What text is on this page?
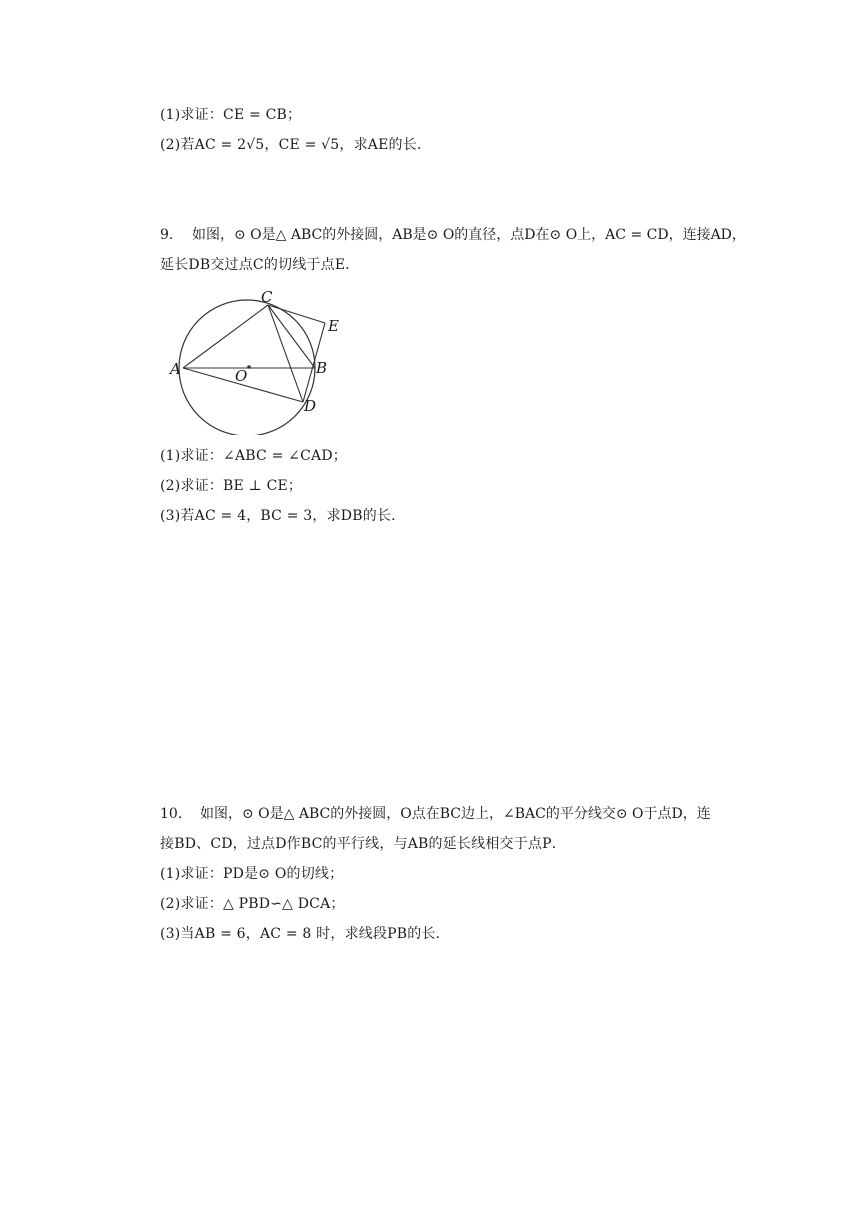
(1)求证：CE = CB；
(2)若AC = 2√5，CE = √5，求AE的长．
9. 如图，⊙ O是△ ABC的外接圆，AB是⊙ O的直径，点D在⊙ O上，AC = CD，连接AD，
延长DB交过点C的切线于点E．
A	B
C
D
E
O
(1)求证：∠ABC = ∠CAD；
(2)求证：BE ⊥ CE；
(3)若AC = 4，BC = 3，求DB的长．
10. 如图，⊙ O是△ ABC的外接圆，O点在BC边上，∠BAC的平分线交⊙ O于点D，连
接BD、CD，过点D作BC的平行线，与AB的延长线相交于点P．
(1)求证：PD是⊙ O的切线；
(2)求证：△ PBD∽△ DCA；
(3)当AB = 6，AC = 8 时，求线段PB的长．
